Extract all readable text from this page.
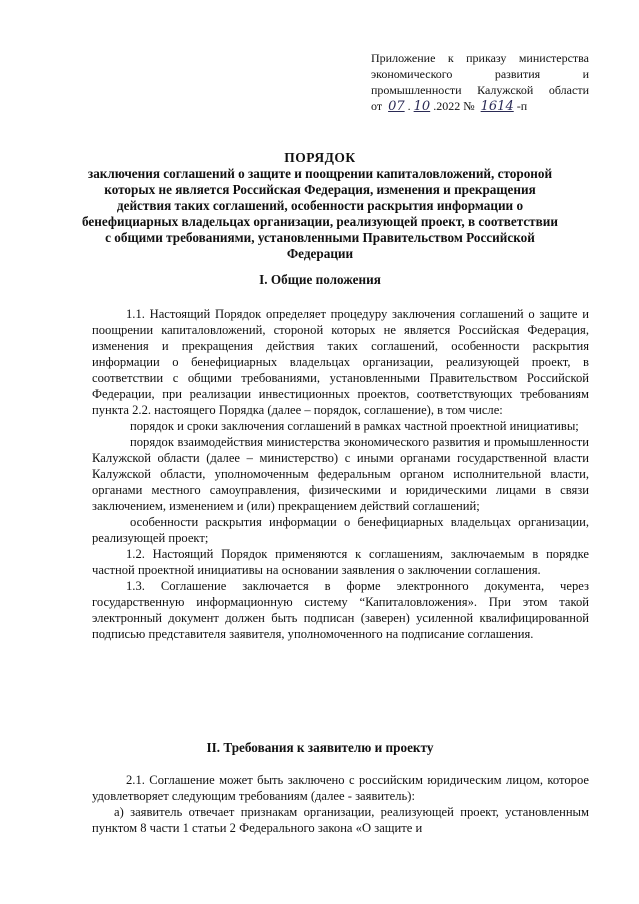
Приложение к приказу министерства
экономического развития и
промышленности Калужской области
от 07 . 10 .2022 № 1614 -п
ПОРЯДОК
заключения соглашений о защите и поощрении капиталовложений, стороной которых не является Российская Федерация, изменения и прекращения действия таких соглашений, особенности раскрытия информации о бенефициарных владельцах организации, реализующей проект, в соответствии с общими требованиями, установленными Правительством Российской Федерации
I. Общие положения

1.1. Настоящий Порядок определяет процедуру заключения соглашений о защите и поощрении капиталовложений, стороной которых не является Российская Федерация, изменения и прекращения действия таких соглашений, особенности раскрытия информации о бенефициарных владельцах организации, реализующей проект, в соответствии с общими требованиями, установленными Правительством Российской Федерации, при реализации инвестиционных проектов, соответствующих требованиям пункта 2.2. настоящего Порядка (далее – порядок, соглашение), в том числе:

порядок и сроки заключения соглашений в рамках частной проектной инициативы;

порядок взаимодействия министерства экономического развития и промышленности Калужской области (далее – министерство) с иными органами государственной власти Калужской области, уполномоченным федеральным органом исполнительной власти, органами местного самоуправления, физическими и юридическими лицами в связи заключением, изменением и (или) прекращением действий соглашений;

особенности раскрытия информации о бенефициарных владельцах организации, реализующей проект;

1.2. Настоящий Порядок применяются к соглашениям, заключаемым в порядке частной проектной инициативы на основании заявления о заключении соглашения.

1.3. Соглашение заключается в форме электронного документа, через государственную информационную систему “Капиталовложения». При этом такой электронный документ должен быть подписан (заверен) усиленной квалифицированной подписью представителя заявителя, уполномоченного на подписание соглашения.

II. Требования к заявителю и проекту

2.1. Соглашение может быть заключено с российским юридическим лицом, которое удовлетворяет следующим требованиям (далее - заявитель):

а) заявитель отвечает признакам организации, реализующей проект, установленным пунктом 8 части 1 статьи 2 Федерального закона «О защите и
